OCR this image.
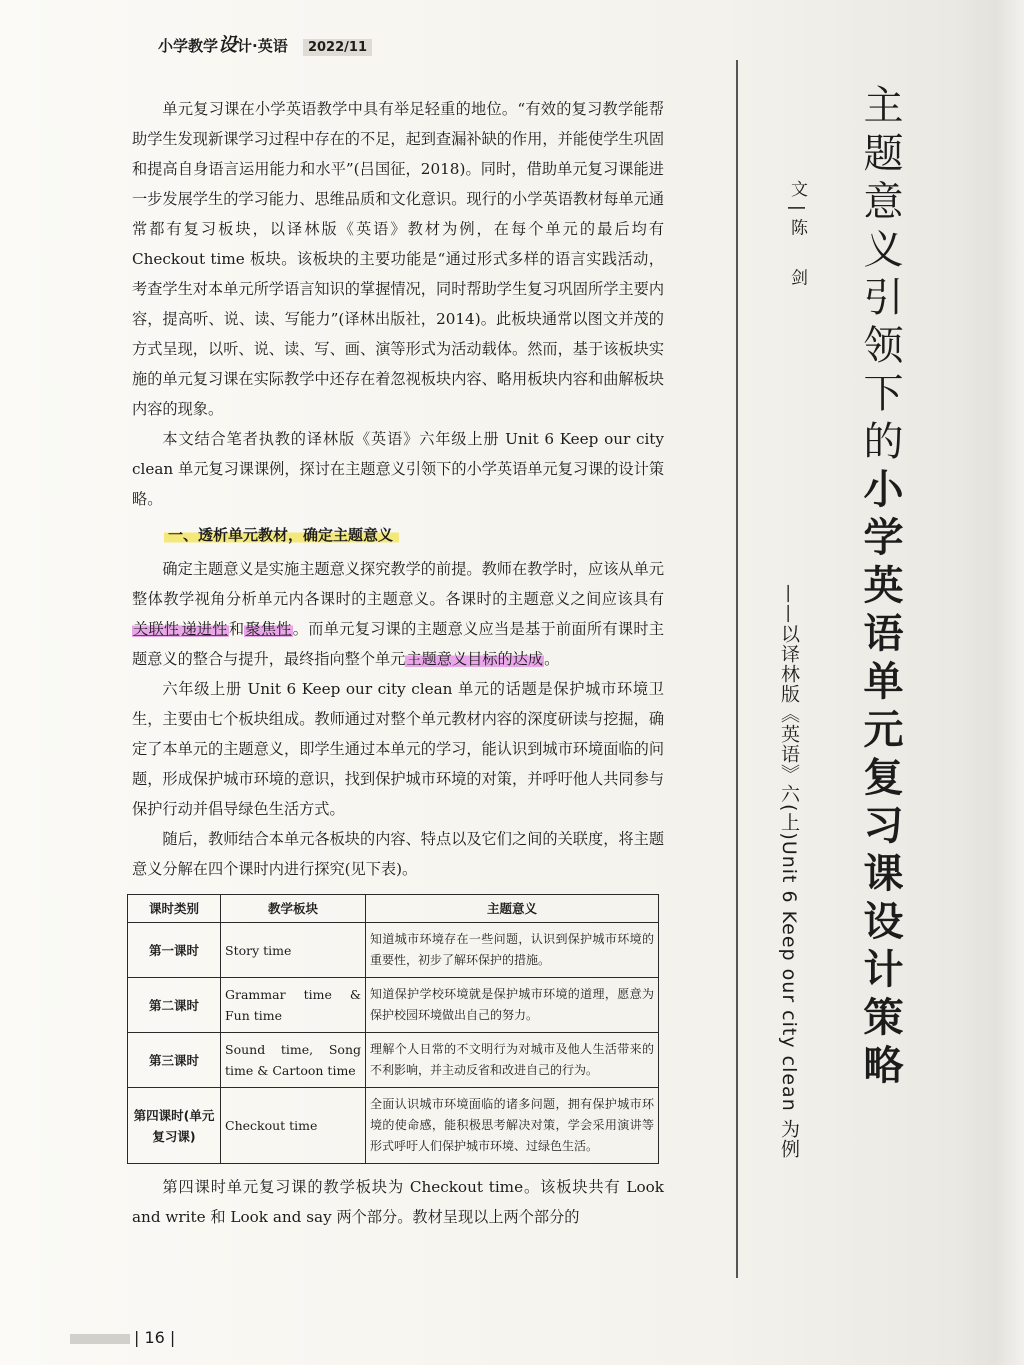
小学教学设计·英语 2022/11

单元复习课在小学英语教学中具有举足轻重的地位。“有效的复习教学能帮助学生发现新课学习过程中存在的不足，起到查漏补缺的作用，并能使学生巩固和提高自身语言运用能力和水平”(吕国征，2018)。同时，借助单元复习课能进一步发展学生的学习能力、思维品质和文化意识。现行的小学英语教材每单元通常都有复习板块，以译林版《英语》教材为例，在每个单元的最后均有 Checkout time 板块。该板块的主要功能是“通过形式多样的语言实践活动，考查学生对本单元所学语言知识的掌握情况，同时帮助学生复习巩固所学主要内容，提高听、说、读、写能力”(译林出版社，2014)。此板块通常以图文并茂的方式呈现，以听、说、读、写、画、演等形式为活动载体。然而，基于该板块实施的单元复习课在实际教学中还存在着忽视板块内容、略用板块内容和曲解板块内容的现象。

本文结合笔者执教的译林版《英语》六年级上册 Unit 6 Keep our city clean 单元复习课课例，探讨在主题意义引领下的小学英语单元复习课的设计策略。

一、透析单元教材，确定主题意义

确定主题意义是实施主题意义探究教学的前提。教师在教学时，应该从单元整体教学视角分析单元内各课时的主题意义。各课时的主题意义之间应该具有关联性 递进性和聚焦性。而单元复习课的主题意义应当是基于前面所有课时主题意义的整合与提升，最终指向整个单元主题意义目标的达成。

六年级上册 Unit 6 Keep our city clean 单元的话题是保护城市环境卫生，主要由七个板块组成。教师通过对整个单元教材内容的深度研读与挖掘，确定了本单元的主题意义，即学生通过本单元的学习，能认识到城市环境面临的问题，形成保护城市环境的意识，找到保护城市环境的对策，并呼吁他人共同参与保护行动并倡导绿色生活方式。

随后，教师结合本单元各板块的内容、特点以及它们之间的关联度，将主题意义分解在四个课时内进行探究(见下表)。

课时类别	教学板块	主题意义
第一课时	Story time	知道城市环境存在一些问题，认识到保护城市环境的重要性，初步了解环保护的措施。
第二课时	Grammar time & Fun time	知道保护学校环境就是保护城市环境的道理，愿意为保护校园环境做出自己的努力。
第三课时	Sound time, Song time & Cartoon time	理解个人日常的不文明行为对城市及他人生活带来的不利影响，并主动反省和改进自己的行为。
第四课时(单元复习课)	Checkout time	全面认识城市环境面临的诸多问题，拥有保护城市环境的使命感，能积极思考解决对策，学会采用演讲等形式呼吁人们保护城市环境、过绿色生活。

第四课时单元复习课的教学板块为 Checkout time。该板块共有 Look and write 和 Look and say 两个部分。教材呈现以上两个部分的

文|陈　剑
——以译林版《英语》六(上)Unit 6 Keep our city clean 为例
主题意义引领下的小学英语单元复习课设计策略
| 16 |
